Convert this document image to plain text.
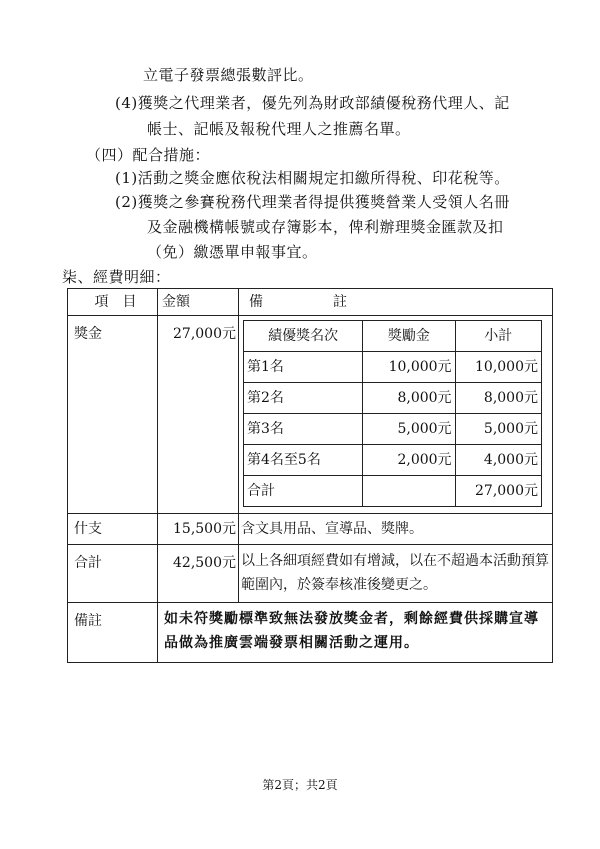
立電子發票總張數評比。
(4)獲獎之代理業者，優先列為財政部績優稅務代理人、記
帳士、記帳及報稅代理人之推薦名單。
（四）配合措施：
(1)活動之獎金應依稅法相關規定扣繳所得稅、印花稅等。
(2)獲獎之參賽稅務代理業者得提供獲獎營業人受領人名冊
及金融機構帳號或存簿影本，俾利辦理獎金匯款及扣
（免）繳憑單申報事宜。
柒、經費明細：
項　目	金額	備　　　　　註
獎金	27,000元	績優獎名次	獎勵金	小計
第1名	10,000元	10,000元
第2名	8,000元	8,000元
第3名	5,000元	5,000元
第4名至5名	2,000元	4,000元
合計		27,000元

什支	15,500元	含文具用品、宣導品、獎牌。
合計	42,500元	以上各細項經費如有增減，以在不超過本活動預算範圍內，於簽奉核准後變更之。
備註	如未符獎勵標準致無法發放獎金者，剩餘經費供採購宣導品做為推廣雲端發票相關活動之運用。
第2頁；共2頁
